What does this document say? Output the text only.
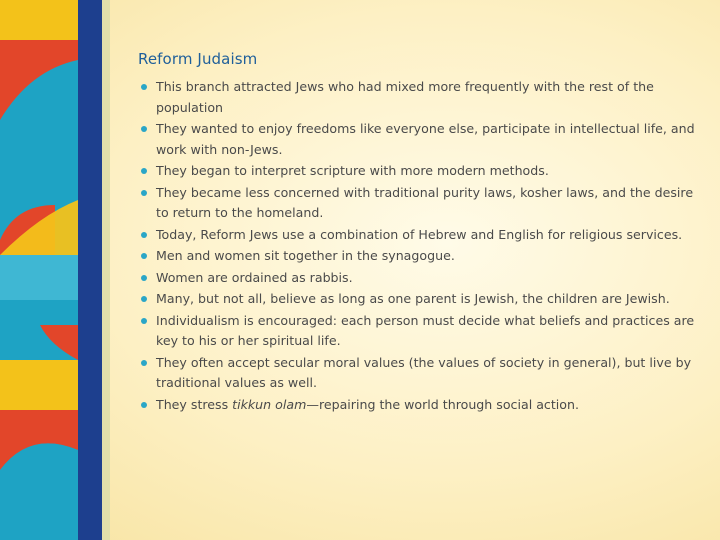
Reform Judaism
This branch attracted Jews who had mixed more frequently with the rest of the population
They wanted to enjoy freedoms like everyone else, participate in intellectual life, and work with non-Jews.
They began to interpret scripture with more modern methods.
They became less concerned with traditional purity laws, kosher laws, and the desire to return to the homeland.
Today, Reform Jews use a combination of Hebrew and English for religious services.
Men and women sit together in the synagogue.
Women are ordained as rabbis.
Many, but not all, believe as long as one parent is Jewish, the children are Jewish.
Individualism is encouraged: each person must decide what beliefs and practices are key to his or her spiritual life.
They often accept secular moral values (the values of society in general), but live by traditional values as well.
They stress tikkun olam—repairing the world through social action.
